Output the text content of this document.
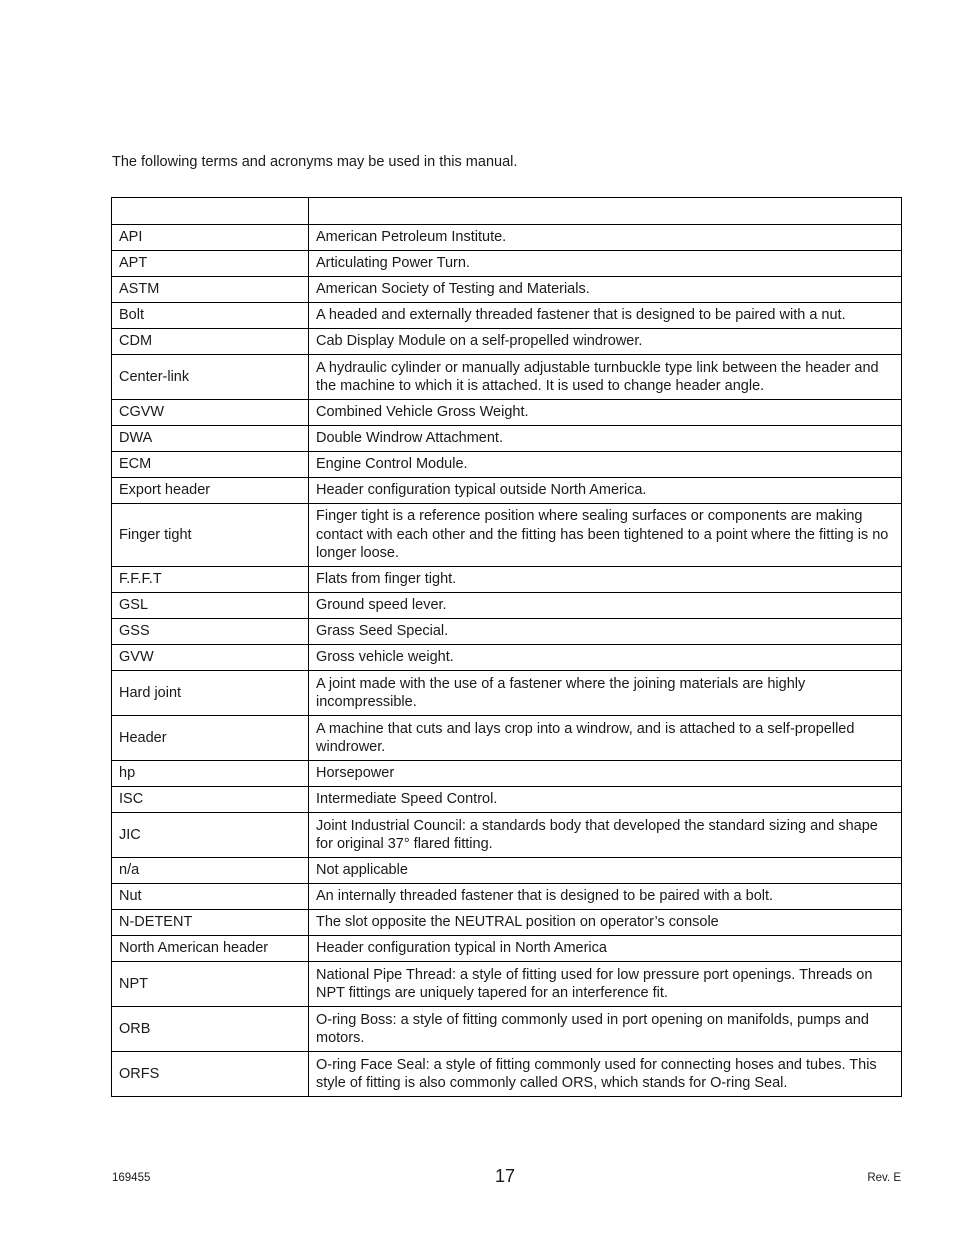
The following terms and acronyms may be used in this manual.

API	American Petroleum Institute.
APT	Articulating Power Turn.
ASTM	American Society of Testing and Materials.
Bolt	A headed and externally threaded fastener that is designed to be paired with a nut.
CDM	Cab Display Module on a self-propelled windrower.
Center-link	A hydraulic cylinder or manually adjustable turnbuckle type link between the header and the machine to which it is attached. It is used to change header angle.
CGVW	Combined Vehicle Gross Weight.
DWA	Double Windrow Attachment.
ECM	Engine Control Module.
Export header	Header configuration typical outside North America.
Finger tight	Finger tight is a reference position where sealing surfaces or components are making contact with each other and the fitting has been tightened to a point where the fitting is no longer loose.
F.F.F.T	Flats from finger tight.
GSL	Ground speed lever.
GSS	Grass Seed Special.
GVW	Gross vehicle weight.
Hard joint	A joint made with the use of a fastener where the joining materials are highly incompressible.
Header	A machine that cuts and lays crop into a windrow, and is attached to a self-propelled windrower.
hp	Horsepower
ISC	Intermediate Speed Control.
JIC	Joint Industrial Council: a standards body that developed the standard sizing and shape for original 37° flared fitting.
n/a	Not applicable
Nut	An internally threaded fastener that is designed to be paired with a bolt.
N-DETENT	The slot opposite the NEUTRAL position on operator’s console
North American header	Header configuration typical in North America
NPT	National Pipe Thread: a style of fitting used for low pressure port openings. Threads on NPT fittings are uniquely tapered for an interference fit.
ORB	O-ring Boss: a style of fitting commonly used in port opening on manifolds, pumps and motors.
ORFS	O-ring Face Seal: a style of fitting commonly used for connecting hoses and tubes. This style of fitting is also commonly called ORS, which stands for O-ring Seal.
169455	17	Rev. E
